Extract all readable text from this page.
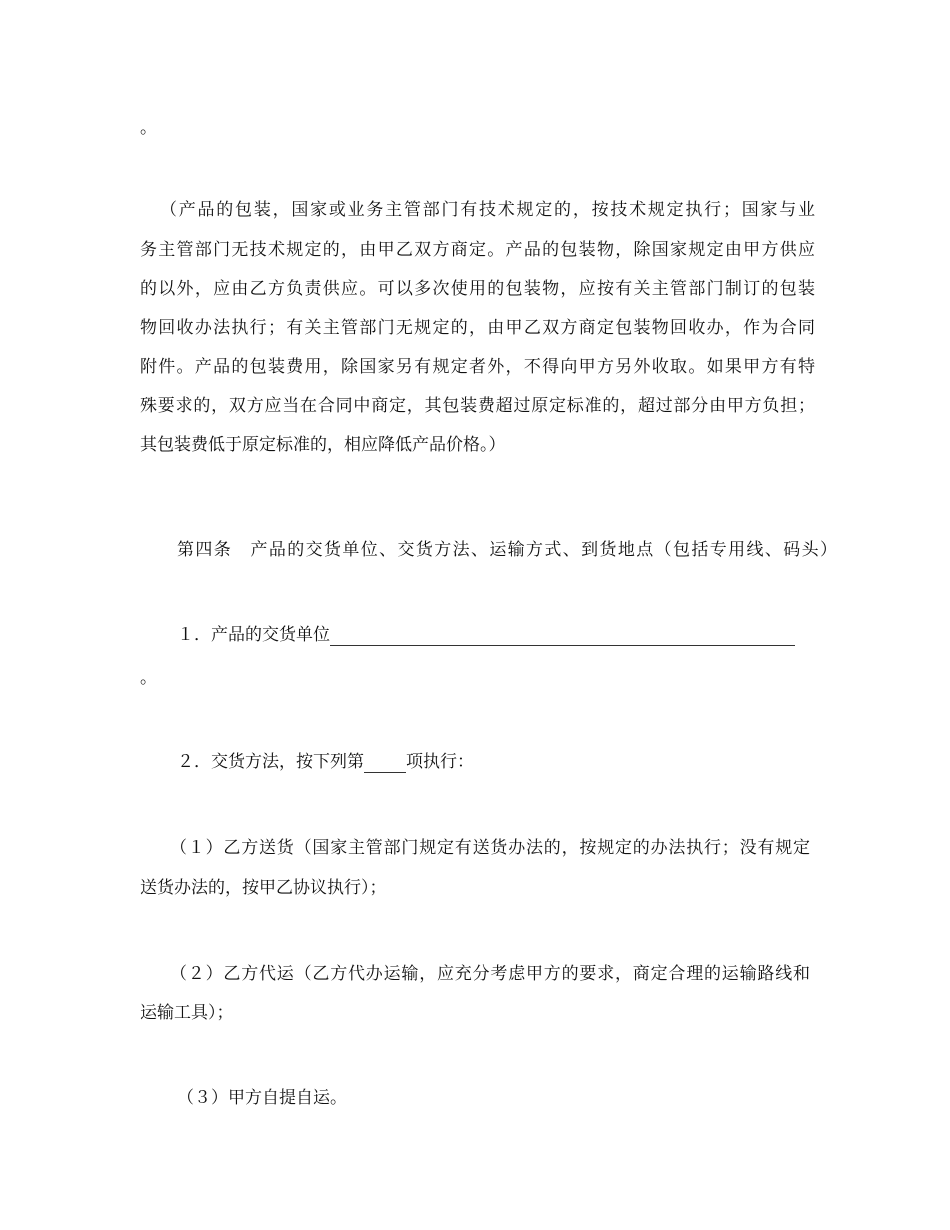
。
（产品的包装，国家或业务主管部门有技术规定的，按技术规定执行；国家与业
务主管部门无技术规定的，由甲乙双方商定。产品的包装物，除国家规定由甲方供应
的以外，应由乙方负责供应。可以多次使用的包装物，应按有关主管部门制订的包装
物回收办法执行；有关主管部门无规定的，由甲乙双方商定包装物回收办，作为合同
附件。产品的包装费用，除国家另有规定者外，不得向甲方另外收取。如果甲方有特
殊要求的，双方应当在合同中商定，其包装费超过原定标准的，超过部分由甲方负担；
其包装费低于原定标准的，相应降低产品价格。）
第四条　产品的交货单位、交货方法、运输方式、到货地点（包括专用线、码头）
１．产品的交货单位
。
２．交货方法，按下列第 项执行：
（１）乙方送货（国家主管部门规定有送货办法的，按规定的办法执行；没有规定
送货办法的，按甲乙协议执行）；
（２）乙方代运（乙方代办运输，应充分考虑甲方的要求，商定合理的运输路线和
运输工具）；
（３）甲方自提自运。
